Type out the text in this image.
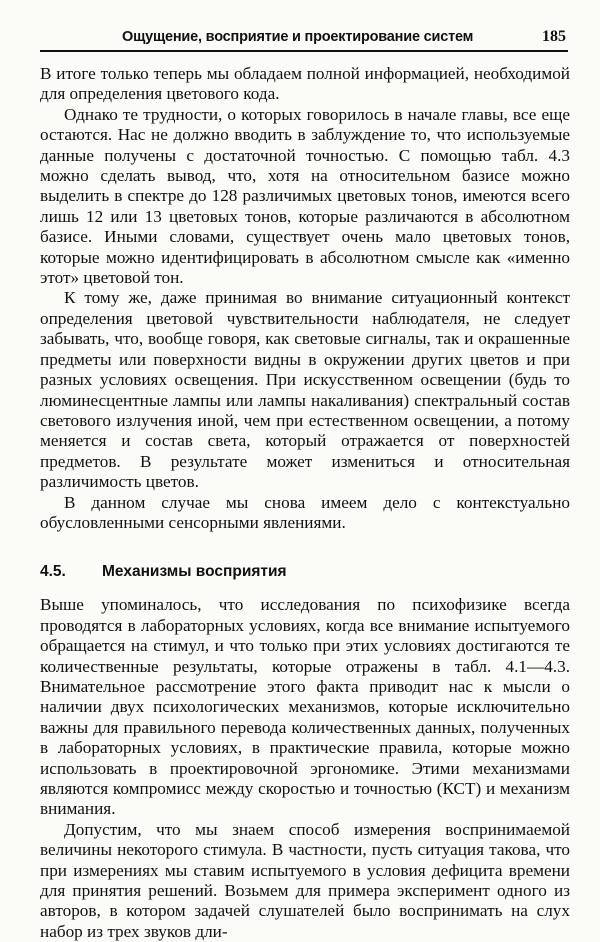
Ощущение, восприятие и проектирование систем	185

В итоге только теперь мы обладаем полной информацией, необходимой для определения цветового кода.

Однако те трудности, о которых говорилось в начале главы, все еще остаются. Нас не должно вводить в заблуждение то, что используемые данные получены с достаточной точностью. С помощью табл. 4.3 можно сделать вывод, что, хотя на относительном базисе можно выделить в спектре до 128 различимых цветовых тонов, имеются всего лишь 12 или 13 цветовых тонов, которые различаются в абсолютном базисе. Иными словами, существует очень мало цветовых тонов, которые можно идентифицировать в абсолютном смысле как «именно этот» цветовой тон.

К тому же, даже принимая во внимание ситуационный контекст определения цветовой чувствительности наблюдателя, не следует забывать, что, вообще говоря, как световые сигналы, так и окрашенные предметы или поверхности видны в окружении других цветов и при разных условиях освещения. При искусственном освещении (будь то люминесцентные лампы или лампы накаливания) спектральный состав светового излучения иной, чем при естественном освещении, а потому меняется и состав света, который отражается от поверхностей предметов. В результате может измениться и относительная различимость цветов.

В данном случае мы снова имеем дело с контекстуально обусловленными сенсорными явлениями.

4.5. Механизмы восприятия

Выше упоминалось, что исследования по психофизике всегда проводятся в лабораторных условиях, когда все внимание испытуемого обращается на стимул, и что только при этих условиях достигаются те количественные результаты, которые отражены в табл. 4.1—4.3. Внимательное рассмотрение этого факта приводит нас к мысли о наличии двух психологических механизмов, которые исключительно важны для правильного перевода количественных данных, полученных в лабораторных условиях, в практические правила, которые можно использовать в проектировочной эргономике. Этими механизмами являются компромисс между скоростью и точностью (КСТ) и механизм внимания.

Допустим, что мы знаем способ измерения воспринимаемой величины некоторого стимула. В частности, пусть ситуация такова, что при измерениях мы ставим испытуемого в условия дефицита времени для принятия решений. Возьмем для примера эксперимент одного из авторов, в котором задачей слушателей было воспринимать на слух набор из трех звуков дли-
